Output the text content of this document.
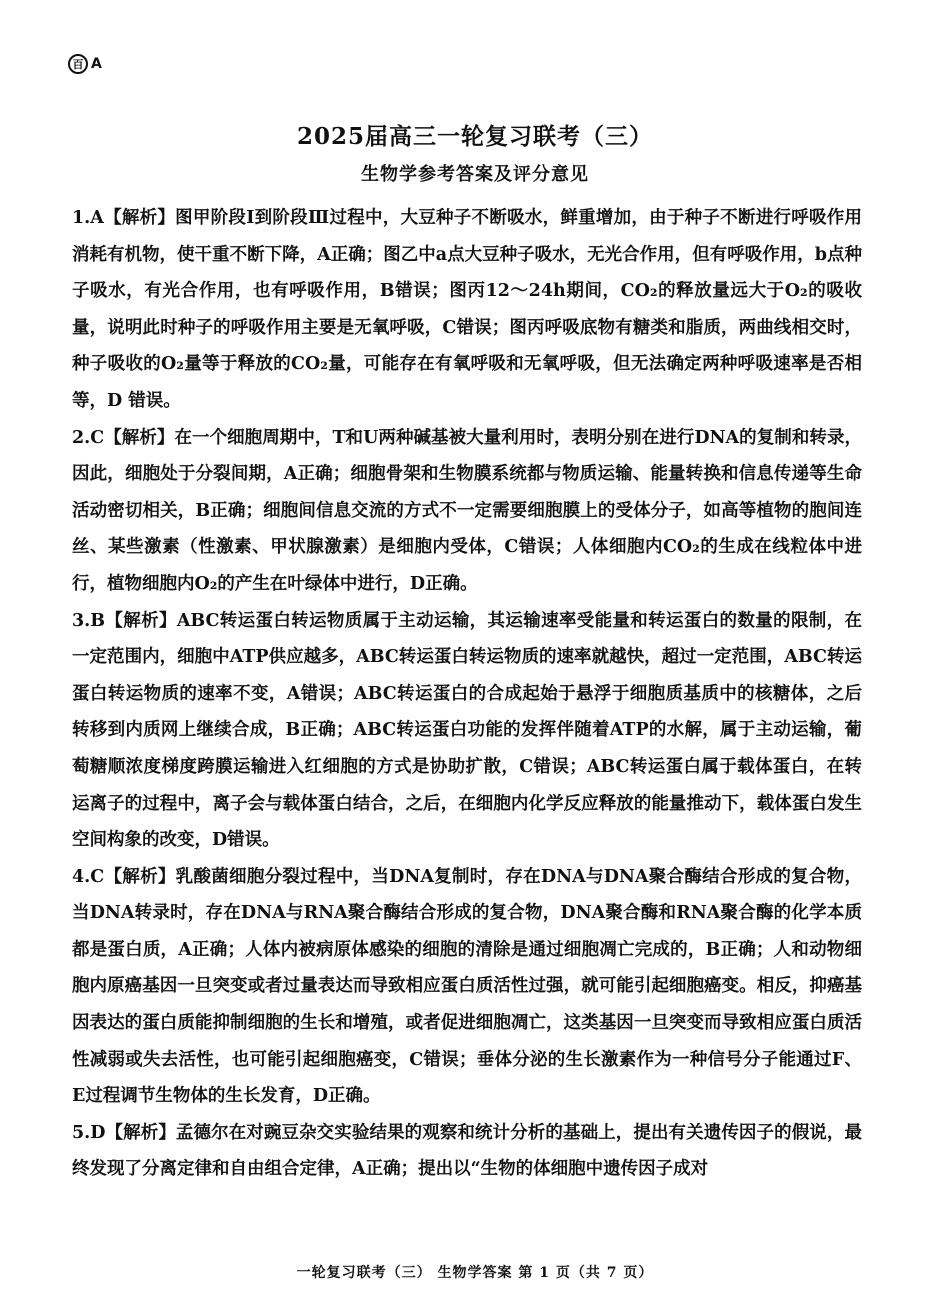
百 A
2025届高三一轮复习联考（三）
生物学参考答案及评分意见

1.A【解析】图甲阶段Ⅰ到阶段Ⅲ过程中，大豆种子不断吸水，鲜重增加，由于种子不断进行呼吸作用消耗有机物，使干重不断下降，A正确；图乙中a点大豆种子吸水，无光合作用，但有呼吸作用，b点种子吸水，有光合作用，也有呼吸作用，B错误；图丙12～24h期间，CO₂的释放量远大于O₂的吸收量，说明此时种子的呼吸作用主要是无氧呼吸，C错误；图丙呼吸底物有糖类和脂质，两曲线相交时，种子吸收的O₂量等于释放的CO₂量，可能存在有氧呼吸和无氧呼吸，但无法确定两种呼吸速率是否相等，D 错误。

2.C【解析】在一个细胞周期中，T和U两种碱基被大量利用时，表明分别在进行DNA的复制和转录，因此，细胞处于分裂间期，A正确；细胞骨架和生物膜系统都与物质运输、能量转换和信息传递等生命活动密切相关，B正确；细胞间信息交流的方式不一定需要细胞膜上的受体分子，如高等植物的胞间连丝、某些激素（性激素、甲状腺激素）是细胞内受体，C错误；人体细胞内CO₂的生成在线粒体中进行，植物细胞内O₂的产生在叶绿体中进行，D正确。

3.B【解析】ABC转运蛋白转运物质属于主动运输，其运输速率受能量和转运蛋白的数量的限制，在一定范围内，细胞中ATP供应越多，ABC转运蛋白转运物质的速率就越快，超过一定范围，ABC转运蛋白转运物质的速率不变，A错误；ABC转运蛋白的合成起始于悬浮于细胞质基质中的核糖体，之后转移到内质网上继续合成，B正确；ABC转运蛋白功能的发挥伴随着ATP的水解，属于主动运输，葡萄糖顺浓度梯度跨膜运输进入红细胞的方式是协助扩散，C错误；ABC转运蛋白属于载体蛋白，在转运离子的过程中，离子会与载体蛋白结合，之后，在细胞内化学反应释放的能量推动下，载体蛋白发生空间构象的改变，D错误。

4.C【解析】乳酸菌细胞分裂过程中，当DNA复制时，存在DNA与DNA聚合酶结合形成的复合物，当DNA转录时，存在DNA与RNA聚合酶结合形成的复合物，DNA聚合酶和RNA聚合酶的化学本质都是蛋白质，A正确；人体内被病原体感染的细胞的清除是通过细胞凋亡完成的，B正确；人和动物细胞内原癌基因一旦突变或者过量表达而导致相应蛋白质活性过强，就可能引起细胞癌变。相反，抑癌基因表达的蛋白质能抑制细胞的生长和增殖，或者促进细胞凋亡，这类基因一旦突变而导致相应蛋白质活性减弱或失去活性，也可能引起细胞癌变，C错误；垂体分泌的生长激素作为一种信号分子能通过F、E过程调节生物体的生长发育，D正确。

5.D【解析】孟德尔在对豌豆杂交实验结果的观察和统计分析的基础上，提出有关遗传因子的假说，最终发现了分离定律和自由组合定律，A正确；提出以“生物的体细胞中遗传因子成对

一轮复习联考（三） 生物学答案 第 1 页（共 7 页）
